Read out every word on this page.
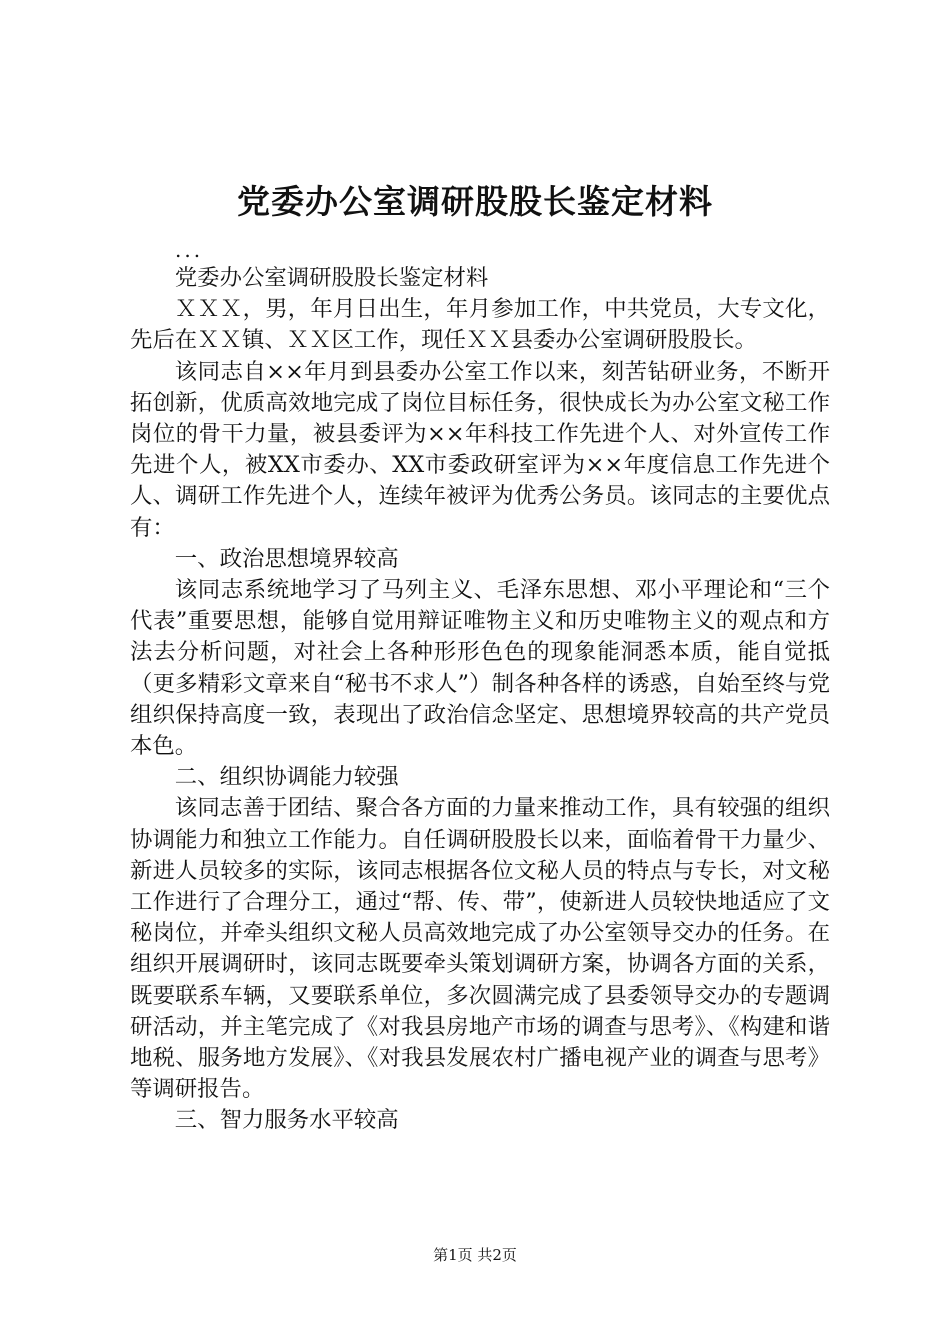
党委办公室调研股股长鉴定材料
...

党委办公室调研股股长鉴定材料

ＸＸＸ，男，年月日出生，年月参加工作，中共党员，大专文化，先后在ＸＸ镇、ＸＸ区工作，现任ＸＸ县委办公室调研股股长。

该同志自××年月到县委办公室工作以来，刻苦钻研业务，不断开拓创新，优质高效地完成了岗位目标任务，很快成长为办公室文秘工作岗位的骨干力量，被县委评为××年科技工作先进个人、对外宣传工作先进个人，被XX市委办、XX市委政研室评为××年度信息工作先进个人、调研工作先进个人，连续年被评为优秀公务员。该同志的主要优点有：

一、政治思想境界较高

该同志系统地学习了马列主义、毛泽东思想、邓小平理论和“三个代表”重要思想，能够自觉用辩证唯物主义和历史唯物主义的观点和方法去分析问题，对社会上各种形形色色的现象能洞悉本质，能自觉抵（更多精彩文章来自“秘书不求人”）制各种各样的诱惑，自始至终与党组织保持高度一致，表现出了政治信念坚定、思想境界较高的共产党员本色。

二、组织协调能力较强

该同志善于团结、聚合各方面的力量来推动工作，具有较强的组织协调能力和独立工作能力。自任调研股股长以来，面临着骨干力量少、新进人员较多的实际，该同志根据各位文秘人员的特点与专长，对文秘工作进行了合理分工，通过“帮、传、带”，使新进人员较快地适应了文秘岗位，并牵头组织文秘人员高效地完成了办公室领导交办的任务。在组织开展调研时，该同志既要牵头策划调研方案，协调各方面的关系，既要联系车辆，又要联系单位，多次圆满完成了县委领导交办的专题调研活动，并主笔完成了《对我县房地产市场的调查与思考》、《构建和谐地税、服务地方发展》、《对我县发展农村广播电视产业的调查与思考》等调研报告。

三、智力服务水平较高

第1页 共2页
